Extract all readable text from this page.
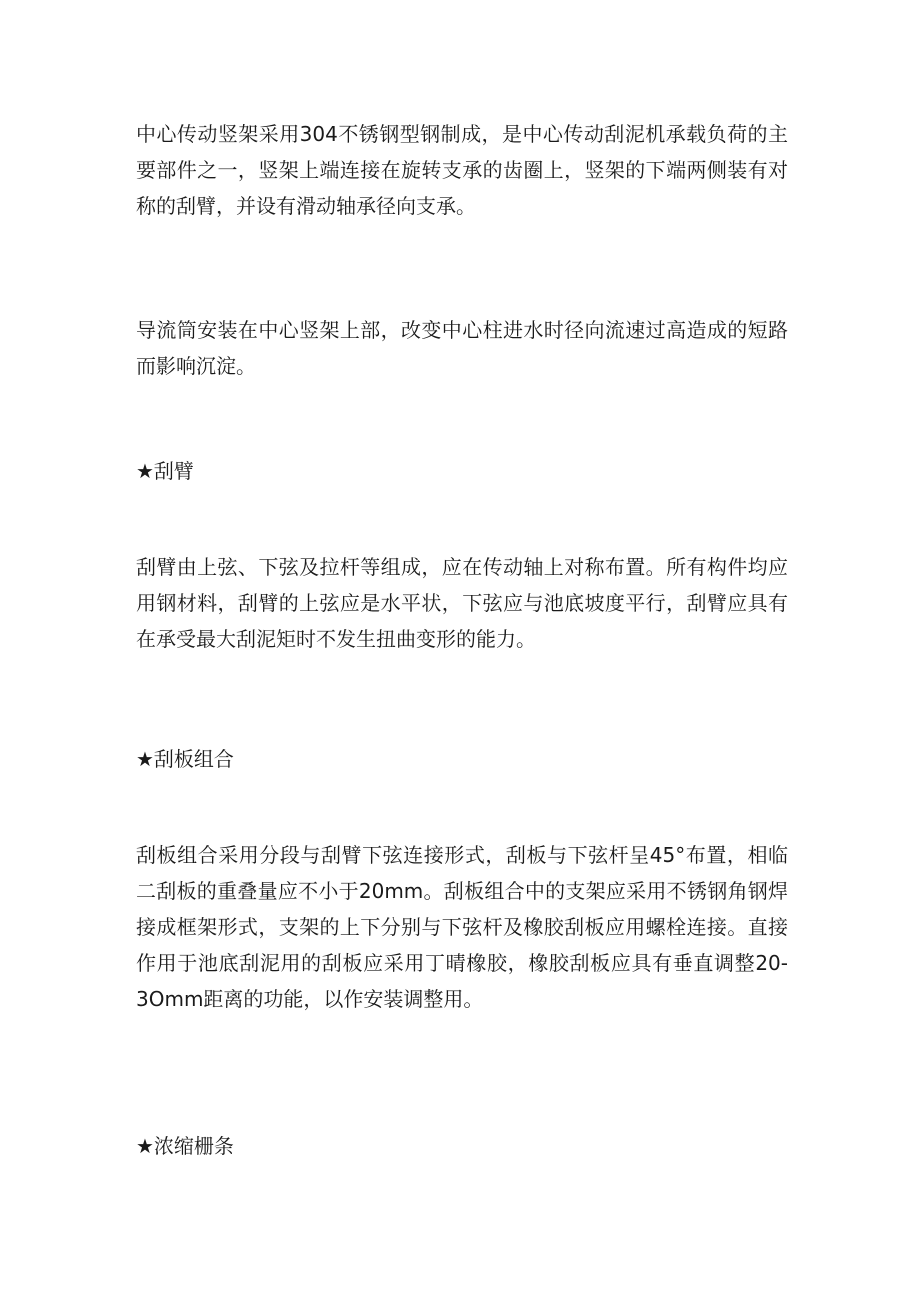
中心传动竖架采用304不锈钢型钢制成，是中心传动刮泥机承载负荷的主要部件之一，竖架上端连接在旋转支承的齿圈上，竖架的下端两侧装有对称的刮臂，并设有滑动轴承径向支承。

导流筒安装在中心竖架上部，改变中心柱进水时径向流速过高造成的短路而影响沉淀。

★刮臂

刮臂由上弦、下弦及拉杆等组成，应在传动轴上对称布置。所有构件均应用钢材料，刮臂的上弦应是水平状，下弦应与池底坡度平行，刮臂应具有在承受最大刮泥矩时不发生扭曲变形的能力。

★刮板组合

刮板组合采用分段与刮臂下弦连接形式，刮板与下弦杆呈45°布置，相临二刮板的重叠量应不小于20mm。刮板组合中的支架应采用不锈钢角钢焊接成框架形式，支架的上下分别与下弦杆及橡胶刮板应用螺栓连接。直接作用于池底刮泥用的刮板应采用丁晴橡胶，橡胶刮板应具有垂直调整20-3Omm距离的功能，以作安装调整用。

★浓缩栅条
